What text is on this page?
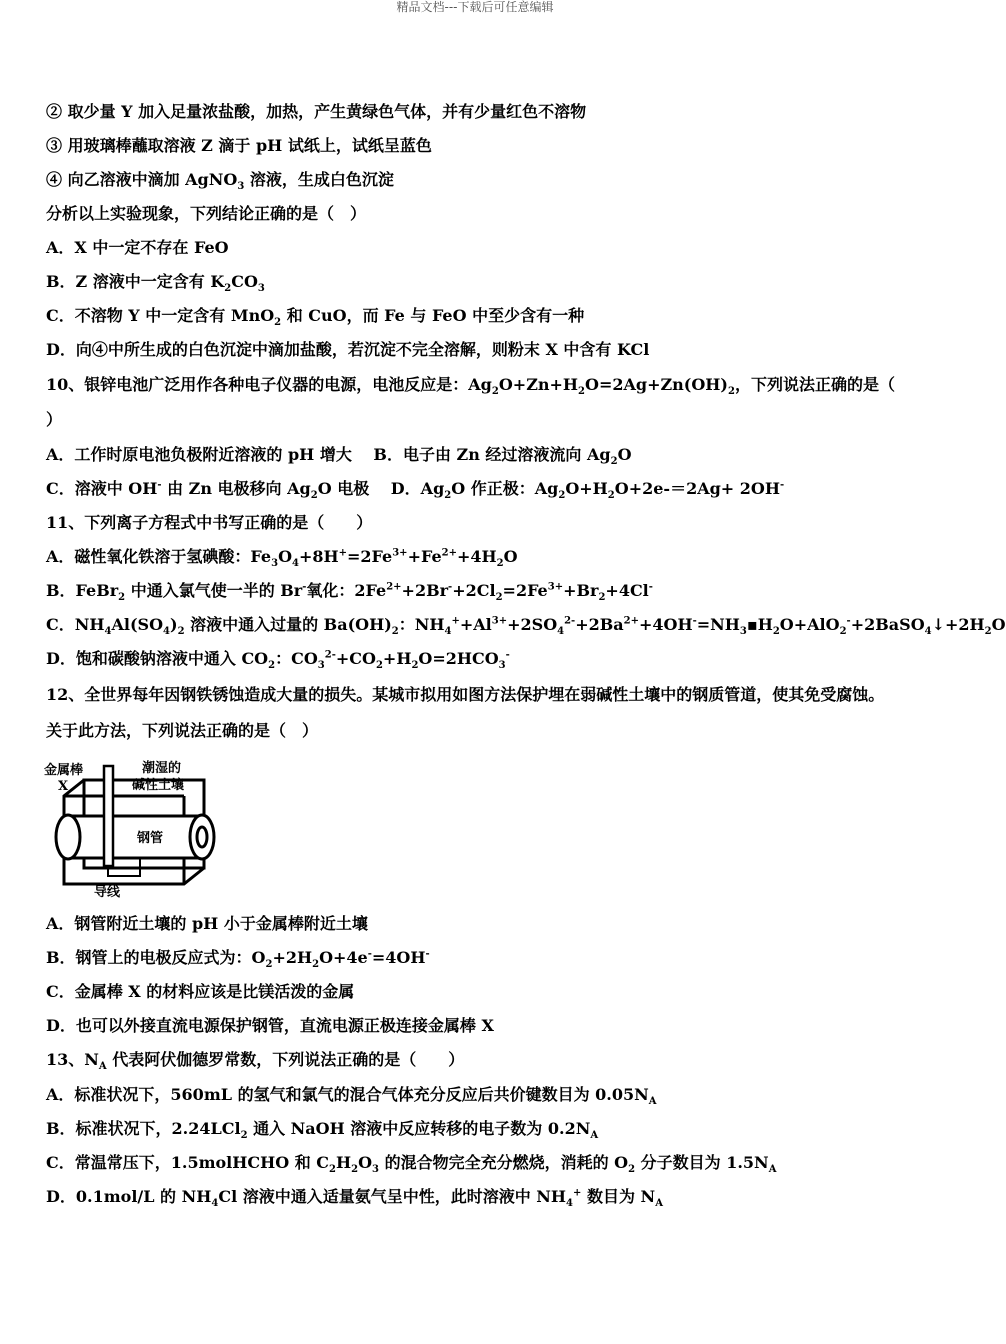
精品文档---下载后可任意编辑
② 取少量 Y 加入足量浓盐酸，加热，产生黄绿色气体，并有少量红色不溶物
③ 用玻璃棒蘸取溶液 Z 滴于 pH 试纸上，试纸呈蓝色
④ 向乙溶液中滴加 AgNO$_3$ 溶液，生成白色沉淀
分析以上实验现象，下列结论正确的是（　）
A．X 中一定不存在 FeO
B．Z 溶液中一定含有 $K_2CO_3$
C．不溶物 Y 中一定含有 MnO$_2$ 和 CuO，而 Fe 与 FeO 中至少含有一种
D．向④中所生成的白色沉淀中滴加盐酸，若沉淀不完全溶解，则粉末 X 中含有 KCl
10、银锌电池广泛用作各种电子仪器的电源，电池反应是：$Ag_2O+Zn+H_2O=2Ag+Zn(OH)_2$，下列说法正确的是（
）
A．工作时原电池负极附近溶液的 pH 增大　 B．电子由 Zn 经过溶液流向 $Ag_2O$
C．溶液中 OH- 由 Zn 电极移向 $Ag_2O$ 电极　 D．$Ag_2O$ 作正极：$Ag_2O+H_2O+2e-=2Ag+ 2OH^-$
11、下列离子方程式中书写正确的是（　　）
A．磁性氧化铁溶于氢碘酸：$Fe_3O_4+8H^+=2Fe^{3+}+Fe^{2+}+4H_2O$
B．FeBr$_2$ 中通入氯气使一半的 Br-氧化：$2Fe^{2+}+2Br^-+2Cl_2=2Fe^{3+}+Br_2+4Cl^-$
C．$NH_4Al(SO_4)_2$ 溶液中通入过量的 $Ba(OH)_2$：$NH_4^++Al^{3+}+2SO_4^{2-}+2Ba^{2+}+4OH^-=NH_3▪H_2O+AlO_2^-+2BaSO_4↓+2H_2O$
D．饱和碳酸钠溶液中通入 $CO_2$：$CO_3^{2-}+CO_2+H_2O=2HCO_3^-$
12、全世界每年因钢铁锈蚀造成大量的损失。某城市拟用如图方法保护埋在弱碱性土壤中的钢质管道，使其免受腐蚀。
关于此方法，下列说法正确的是（　）
A．钢管附近土壤的 pH 小于金属棒附近土壤
B．钢管上的电极反应式为：$O_2+2H_2O+4e^-=4OH^-$
C．金属棒 X 的材料应该是比镁活泼的金属
D．也可以外接直流电源保护钢管，直流电源正极连接金属棒 X
13、$N_A$ 代表阿伏伽德罗常数，下列说法正确的是（　　）
A．标准状况下，560mL 的氢气和氯气的混合气体充分反应后共价键数目为 $0.05N_A$
B．标准状况下，2.24LCl$_2$ 通入 NaOH 溶液中反应转移的电子数为 $0.2N_A$
C．常温常压下，1.5molHCHO 和 $C_2H_2O_3$ 的混合物完全充分燃烧，消耗的 $O_2$ 分子数目为 $1.5N_A$
D．0.1mol/L 的 $NH_4Cl$ 溶液中通入适量氨气呈中性，此时溶液中 $NH_4^+$ 数目为 $N_A$
金属棒
X
潮湿的
碱性土壤
钢管
导线
